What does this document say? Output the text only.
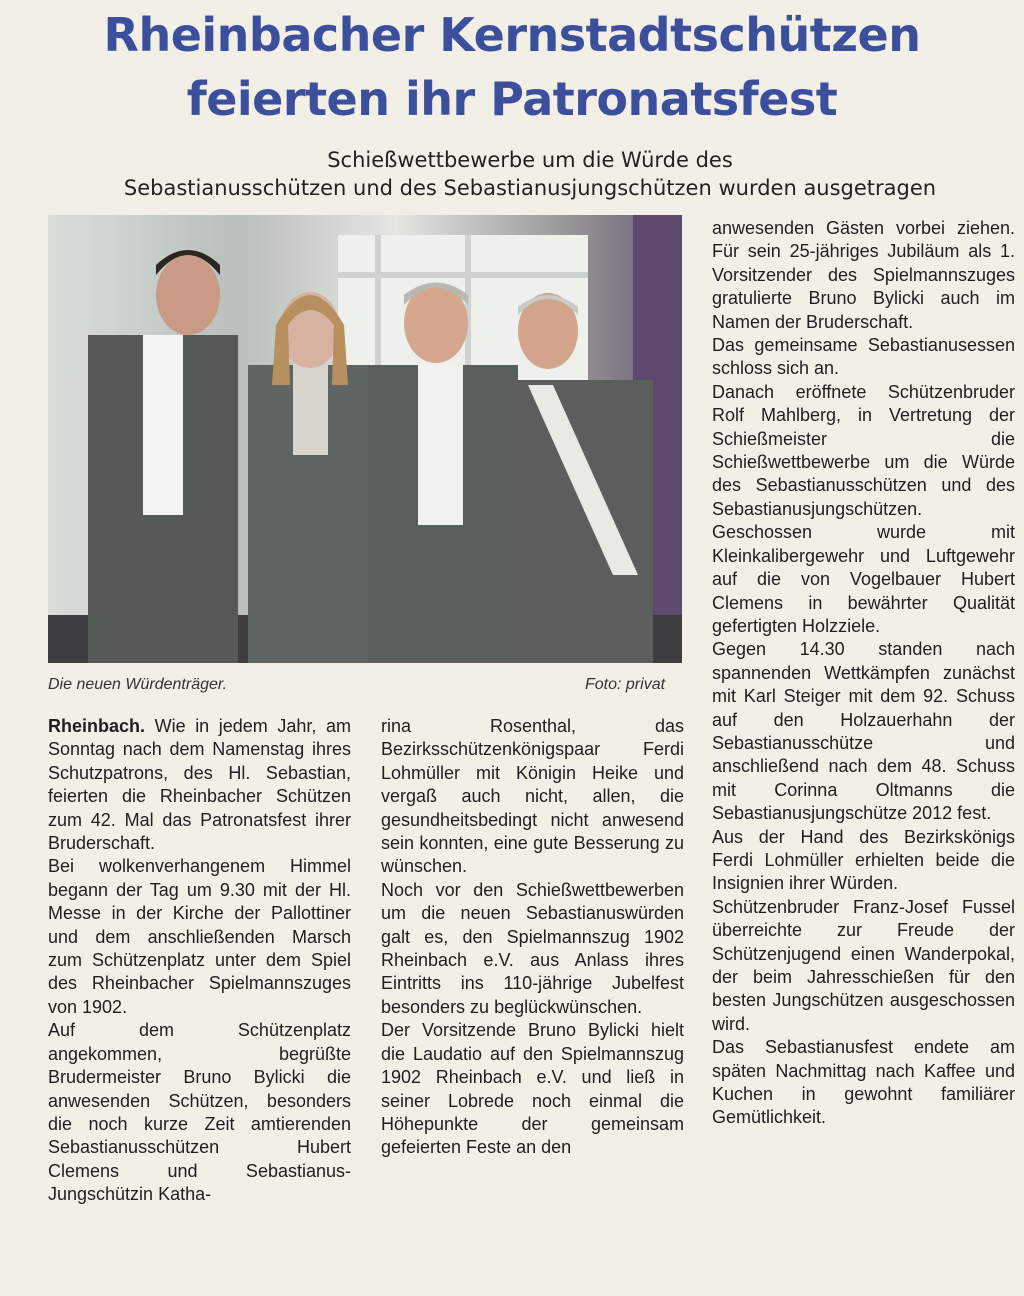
Rheinbacher Kernstadtschützen
feierten ihr Patronatsfest
Schießwettbewerbe um die Würde des
Sebastianusschützen und des Sebastianusjungschützen wurden ausgetragen
Die neuen Würdenträger.	Foto: privat

Rheinbach. Wie in jedem Jahr, am Sonntag nach dem Namenstag ihres Schutzpatrons, des Hl. Sebastian, feierten die Rheinbacher Schützen zum 42. Mal das Patronatsfest ihrer Bruderschaft.

Bei wolkenverhangenem Himmel begann der Tag um 9.30 mit der Hl. Messe in der Kirche der Pallottiner und dem anschließenden Marsch zum Schützenplatz unter dem Spiel des Rheinbacher Spielmannszuges von 1902.

Auf dem Schützenplatz angekommen, begrüßte Brudermeister Bruno Bylicki die anwesenden Schützen, besonders die noch kurze Zeit amtierenden Sebastianusschützen Hubert Clemens und Sebastianus-Jungschützin Katha-

rina Rosenthal, das Bezirksschützenkönigspaar Ferdi Lohmüller mit Königin Heike und vergaß auch nicht, allen, die gesundheitsbedingt nicht anwesend sein konnten, eine gute Besserung zu wünschen.

Noch vor den Schießwettbewerben um die neuen Sebastianuswürden galt es, den Spielmannszug 1902 Rheinbach e.V. aus Anlass ihres Eintritts ins 110-jährige Jubelfest besonders zu beglückwünschen.

Der Vorsitzende Bruno Bylicki hielt die Laudatio auf den Spielmannszug 1902 Rheinbach e.V. und ließ in seiner Lobrede noch einmal die Höhepunkte der gemeinsam gefeierten Feste an den

anwesenden Gästen vorbei ziehen. Für sein 25-jähriges Jubiläum als 1. Vorsitzender des Spielmannszuges gratulierte Bruno Bylicki auch im Namen der Bruderschaft.

Das gemeinsame Sebastianusessen schloss sich an.

Danach eröffnete Schützenbruder Rolf Mahlberg, in Vertretung der Schießmeister die Schießwettbewerbe um die Würde des Sebastianusschützen und des Sebastianusjungschützen. Geschossen wurde mit Kleinkalibergewehr und Luftgewehr auf die von Vogelbauer Hubert Clemens in bewährter Qualität gefertigten Holzziele.

Gegen 14.30 standen nach spannenden Wettkämpfen zunächst mit Karl Steiger mit dem 92. Schuss auf den Holzauerhahn der Sebastianusschütze und anschließend nach dem 48. Schuss mit Corinna Oltmanns die Sebastianusjungschütze 2012 fest.

Aus der Hand des Bezirkskönigs Ferdi Lohmüller erhielten beide die Insignien ihrer Würden.

Schützenbruder Franz-Josef Fussel überreichte zur Freude der Schützenjugend einen Wanderpokal, der beim Jahresschießen für den besten Jungschützen ausgeschossen wird.

Das Sebastianusfest endete am späten Nachmittag nach Kaffee und Kuchen in gewohnt familiärer Gemütlichkeit.
